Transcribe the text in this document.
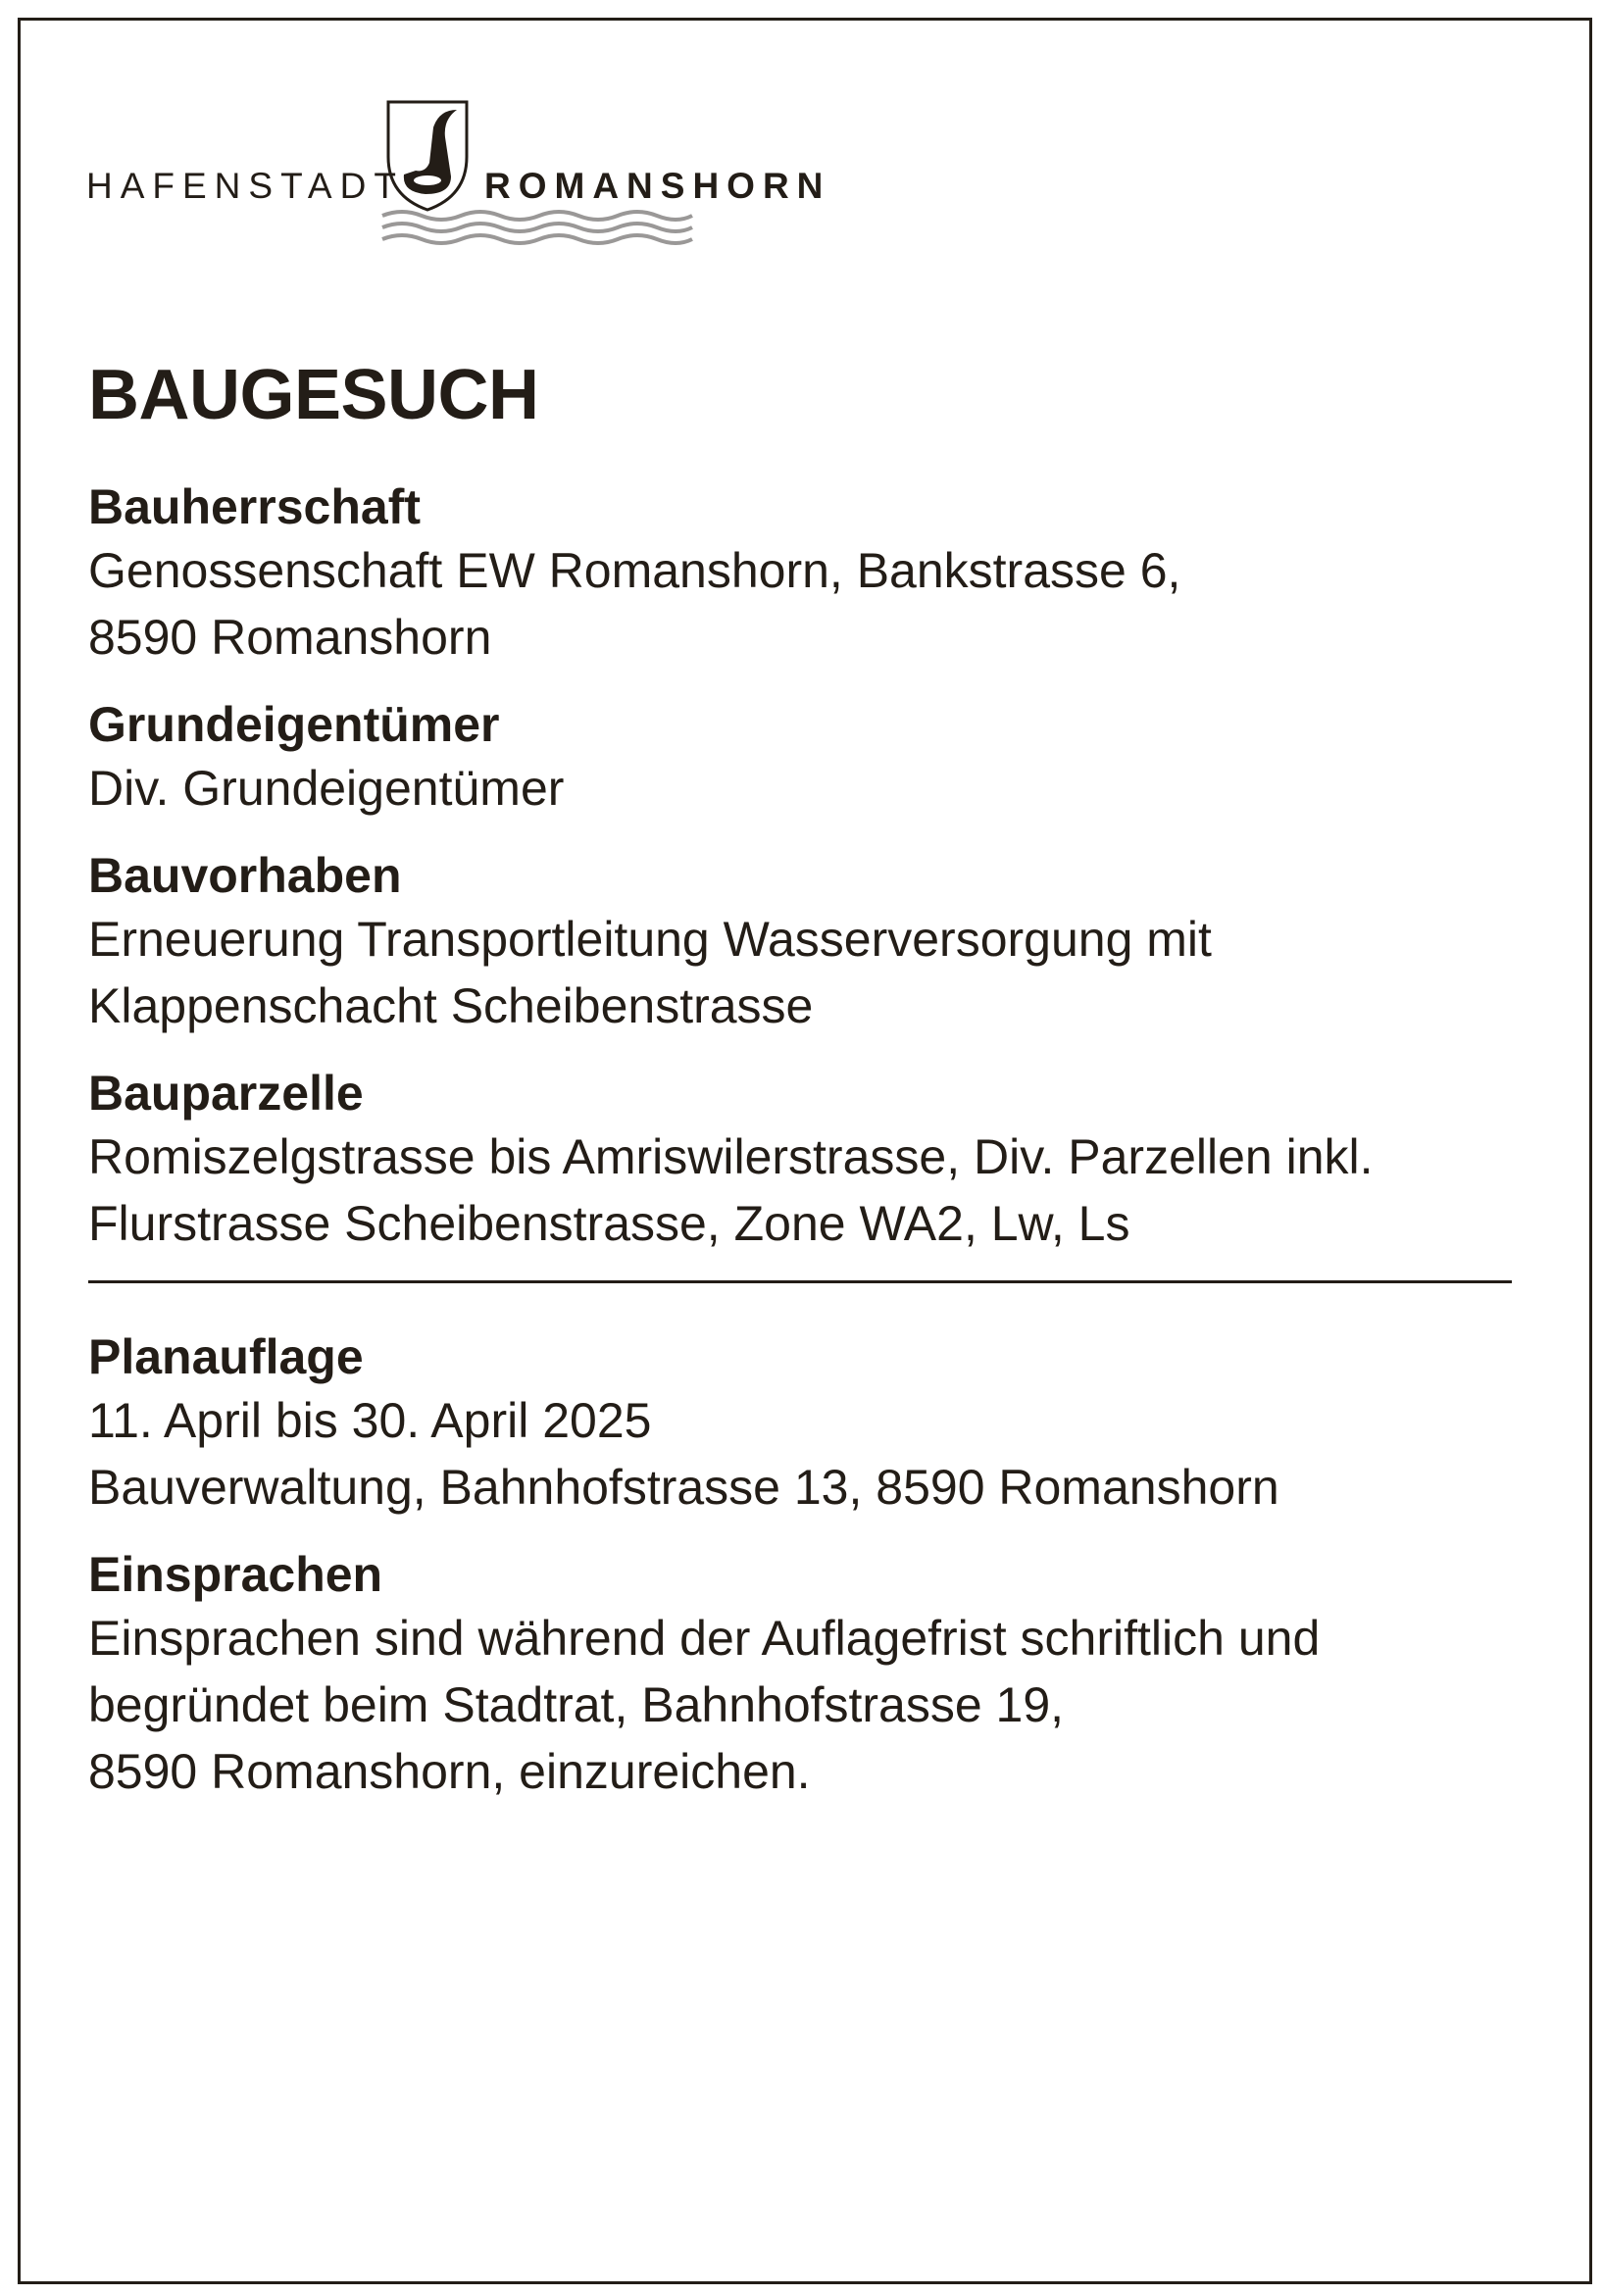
HAFENSTADT ROMANSHORN
BAUGESUCH

Bauherrschaft

Genossenschaft EW Romanshorn, Bankstrasse 6,

8590 Romanshorn

Grundeigentümer

Div. Grundeigentümer

Bauvorhaben

Erneuerung Transportleitung Wasserversorgung mit

Klappenschacht Scheibenstrasse

Bauparzelle

Romiszelgstrasse bis Amriswilerstrasse, Div. Parzellen inkl.

Flurstrasse Scheibenstrasse, Zone WA2, Lw, Ls

Planauflage

11. April bis 30. April 2025

Bauverwaltung, Bahnhofstrasse 13, 8590 Romanshorn

Einsprachen

Einsprachen sind während der Auflagefrist schriftlich und

begründet beim Stadtrat, Bahnhofstrasse 19,

8590 Romanshorn, einzureichen.
